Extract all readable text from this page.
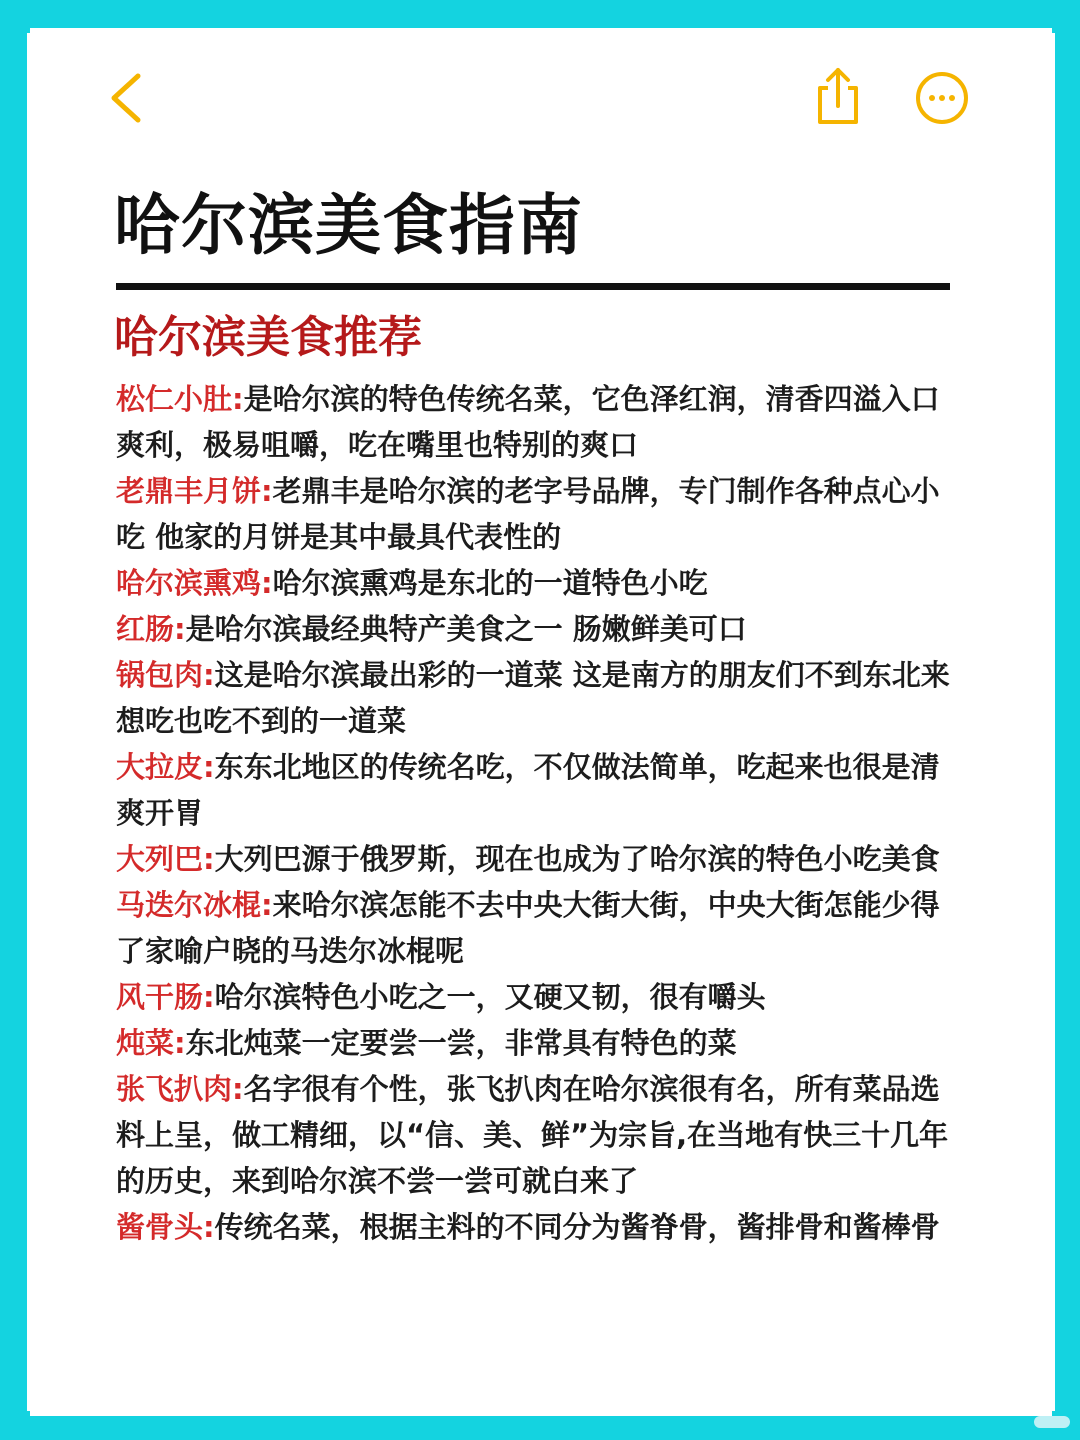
哈尔滨美食指南
哈尔滨美食推荐
松仁小肚:是哈尔滨的特色传统名菜，它色泽红润，清香四溢入口爽利，极易咀嚼，吃在嘴里也特别的爽口
老鼎丰月饼:老鼎丰是哈尔滨的老字号品牌，专门制作各种点心小吃 他家的月饼是其中最具代表性的
哈尔滨熏鸡:哈尔滨熏鸡是东北的一道特色小吃
红肠:是哈尔滨最经典特产美食之一 肠嫩鲜美可口
锅包肉:这是哈尔滨最出彩的一道菜 这是南方的朋友们不到东北来想吃也吃不到的一道菜
大拉皮:东东北地区的传统名吃，不仅做法简单，吃起来也很是清爽开胃
大列巴:大列巴源于俄罗斯，现在也成为了哈尔滨的特色小吃美食
马迭尔冰棍:来哈尔滨怎能不去中央大街大街，中央大街怎能少得了家喻户晓的马迭尔冰棍呢
风干肠:哈尔滨特色小吃之一，又硬又韧，很有嚼头
炖菜:东北炖菜一定要尝一尝，非常具有特色的菜
张飞扒肉:名字很有个性，张飞扒肉在哈尔滨很有名，所有菜品选料上呈，做工精细，以“信、美、鲜”为宗旨,在当地有快三十几年的历史，来到哈尔滨不尝一尝可就白来了
酱骨头:传统名菜，根据主料的不同分为酱脊骨，酱排骨和酱棒骨
